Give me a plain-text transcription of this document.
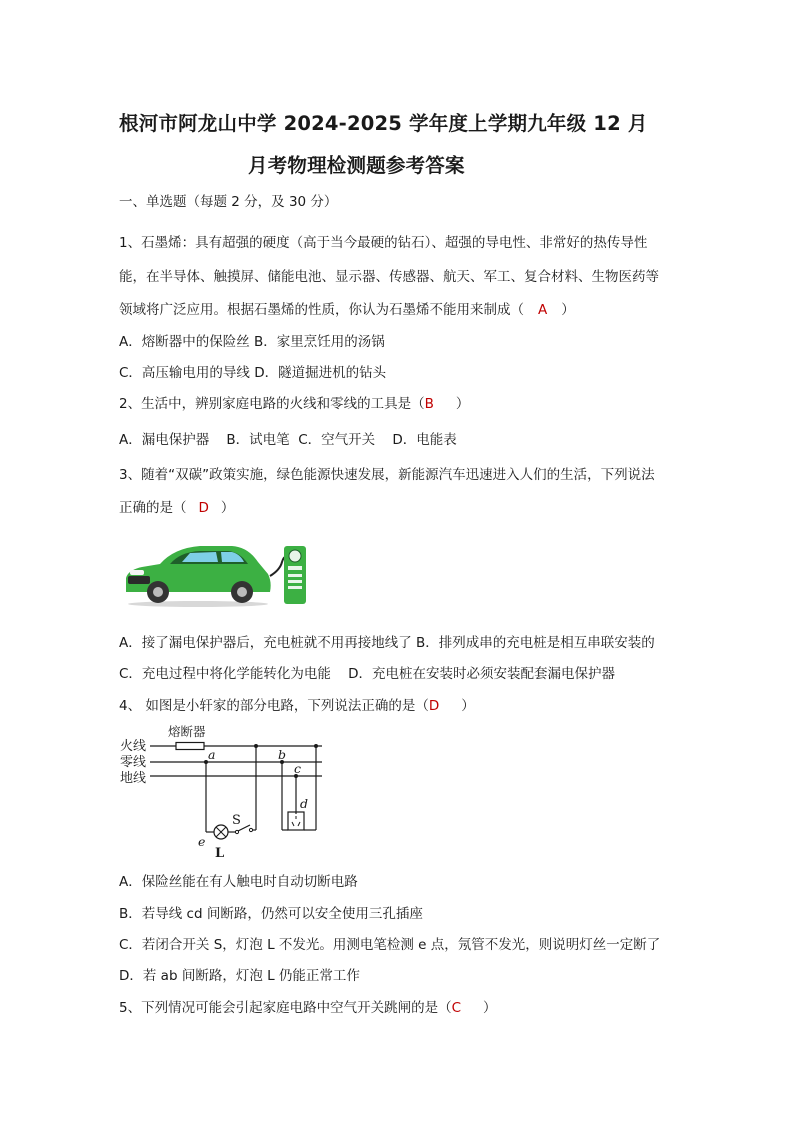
根河市阿龙山中学 2024-2025 学年度上学期九年级 12 月
月考物理检测题参考答案
一、单选题（每题 2 分，及 30 分）
1、石墨烯：具有超强的硬度（高于当今最硬的钻石）、超强的导电性、非常好的热传导性
能，在半导体、触摸屏、储能电池、显示器、传感器、航天、军工、复合材料、生物医药等
领域将广泛应用。根据石墨烯的性质，你认为石墨烯不能用来制成（ A ）
A．熔断器中的保险丝 B．家里烹饪用的汤锅
C．高压输电用的导线 D．隧道掘进机的钻头
2、生活中，辨别家庭电路的火线和零线的工具是（B ）
A．漏电保护器    B．试电笔  C．空气开关    D．电能表
3、随着“双碳”政策实施，绿色能源快速发展，新能源汽车迅速进入人们的生活，下列说法
正确的是（ D ）
A．接了漏电保护器后，充电桩就不用再接地线了 B．排列成串的充电桩是相互串联安装的
C．充电过程中将化学能转化为电能    D．充电桩在安装时必须安装配套漏电保护器
4、 如图是小轩家的部分电路，下列说法正确的是（D ）
熔断器
火线
零线
地线
a	b
c
d
e
S
L
A．保险丝能在有人触电时自动切断电路
B．若导线 cd 间断路，仍然可以安全使用三孔插座
C．若闭合开关 S，灯泡 L 不发光。用测电笔检测 e 点，氖管不发光，则说明灯丝一定断了
D．若 ab 间断路，灯泡 L 仍能正常工作
5、下列情况可能会引起家庭电路中空气开关跳闸的是（C ）
